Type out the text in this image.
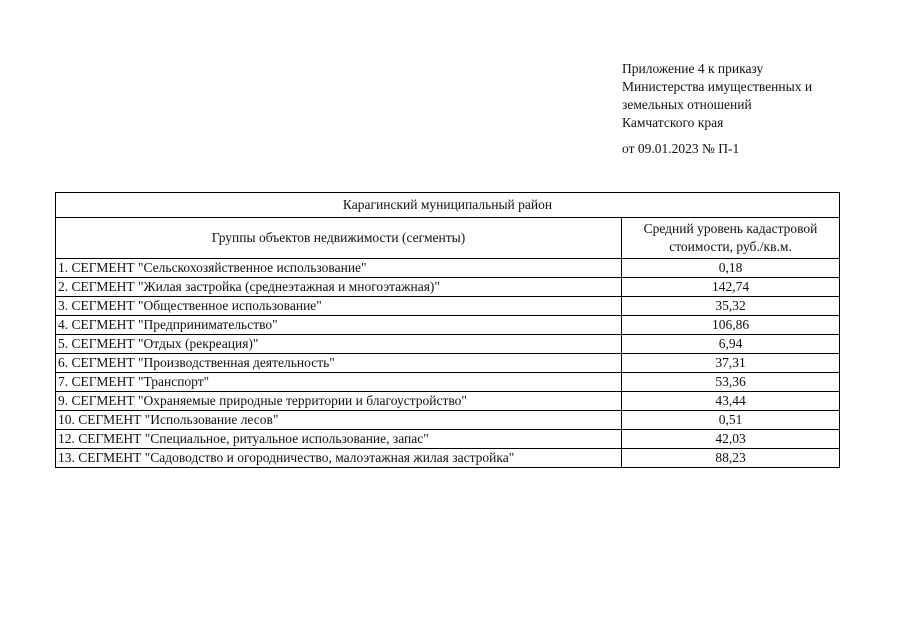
Приложение 4 к приказу
Министерства имущественных и
земельных отношений
Камчатского края
от 09.01.2023 № П-1
Карагинский муниципальный район	
Группы объектов недвижимости (сегменты)	Средний уровень кадастровой стоимости, руб./кв.м.
1. СЕГМЕНТ "Сельскохозяйственное использование"	0,18
2. СЕГМЕНТ "Жилая застройка (среднеэтажная и многоэтажная)"	142,74
3. СЕГМЕНТ "Общественное использование"	35,32
4. СЕГМЕНТ "Предпринимательство"	106,86
5. СЕГМЕНТ "Отдых (рекреация)"	6,94
6. СЕГМЕНТ "Производственная деятельность"	37,31
7. СЕГМЕНТ "Транспорт"	53,36
9. СЕГМЕНТ "Охраняемые природные территории и благоустройство"	43,44
10. СЕГМЕНТ "Использование лесов"	0,51
12. СЕГМЕНТ "Специальное, ритуальное использование, запас"	42,03
13. СЕГМЕНТ "Садоводство и огородничество, малоэтажная жилая застройка"	88,23
